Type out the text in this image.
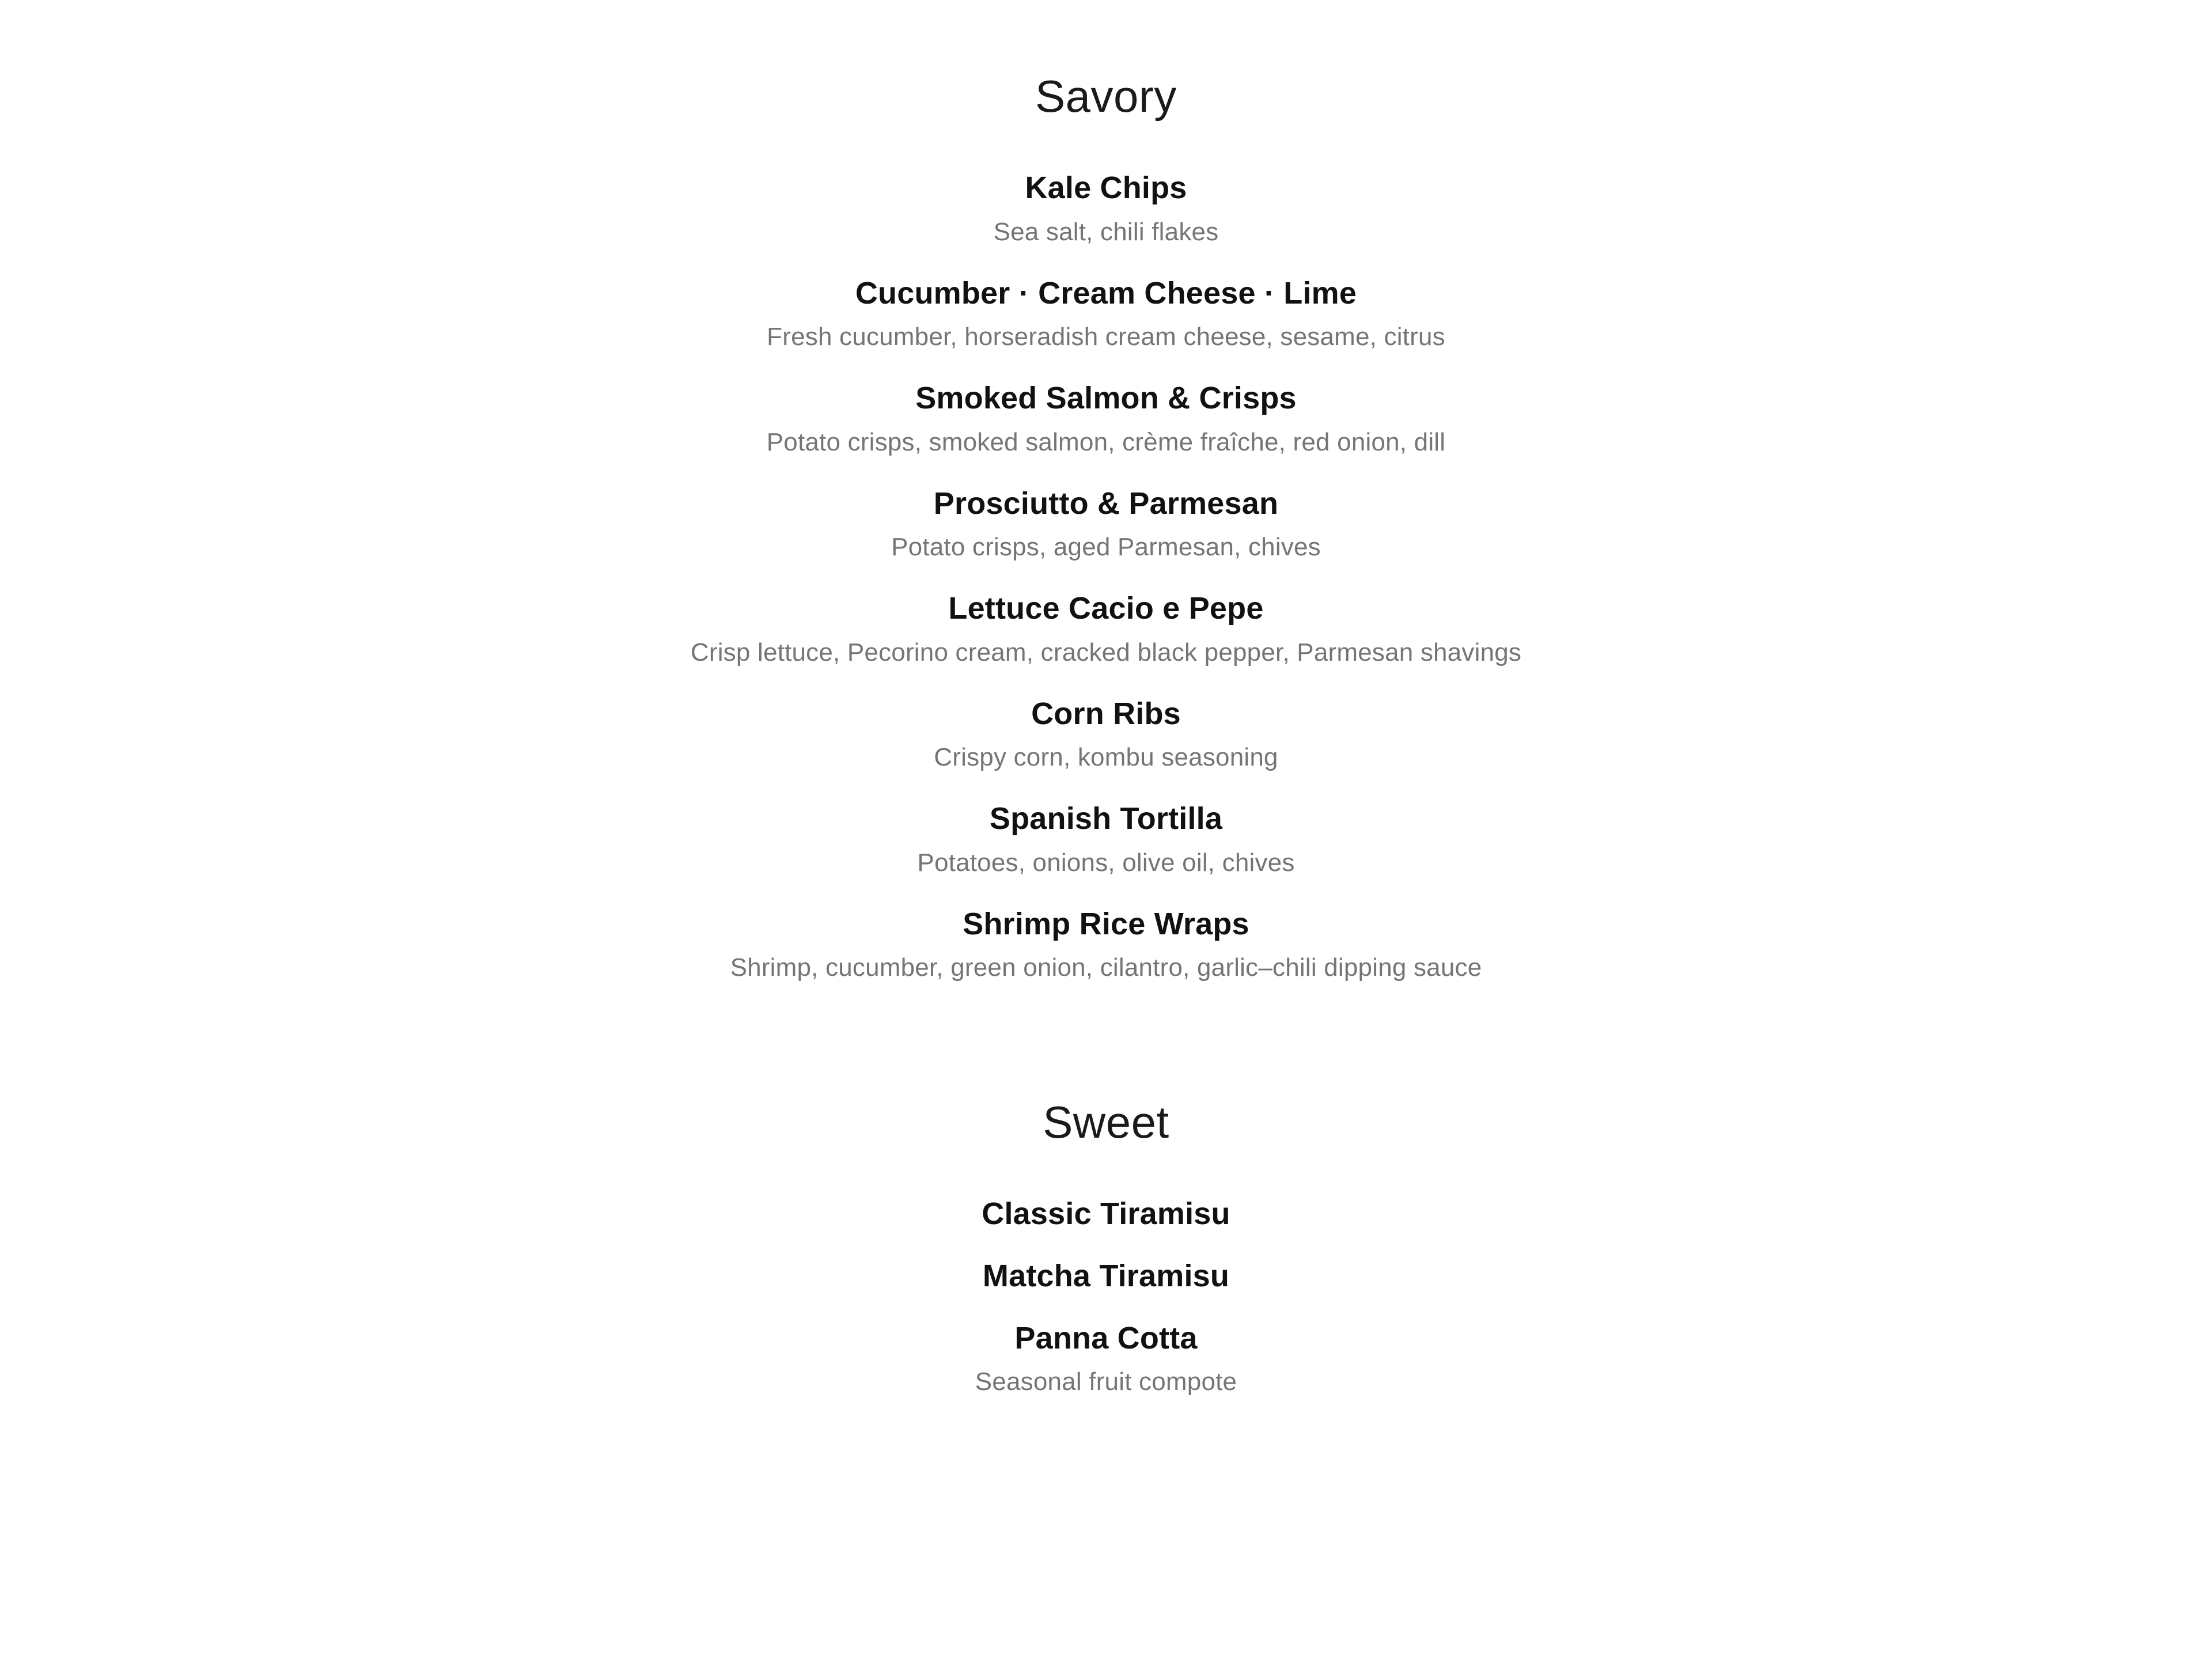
Savory
Kale Chips
Sea salt, chili flakes
Cucumber · Cream Cheese · Lime
Fresh cucumber, horseradish cream cheese, sesame, citrus
Smoked Salmon & Crisps
Potato crisps, smoked salmon, crème fraîche, red onion, dill
Prosciutto & Parmesan
Potato crisps, aged Parmesan, chives
Lettuce Cacio e Pepe
Crisp lettuce, Pecorino cream, cracked black pepper, Parmesan shavings
Corn Ribs
Crispy corn, kombu seasoning
Spanish Tortilla
Potatoes, onions, olive oil, chives
Shrimp Rice Wraps
Shrimp, cucumber, green onion, cilantro, garlic–chili dipping sauce
Sweet
Classic Tiramisu
Matcha Tiramisu
Panna Cotta
Seasonal fruit compote
